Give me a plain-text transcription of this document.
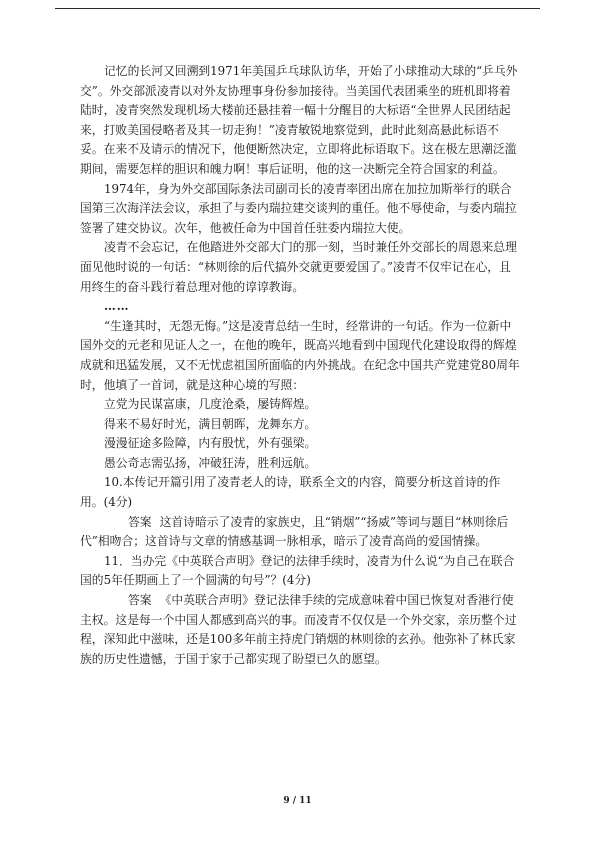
记忆的长河又回溯到1971年美国乒乓球队访华，开始了小球推动大球的“乒乓外交”。外交部派凌青以对外友协理事身份参加接待。当美国代表团乘坐的班机即将着陆时，凌青突然发现机场大楼前还悬挂着一幅十分醒目的大标语“全世界人民团结起来，打败美国侵略者及其一切走狗！”凌青敏锐地察觉到，此时此刻高悬此标语不妥。在来不及请示的情况下，他便断然决定，立即将此标语取下。这在极左思潮泛滥期间，需要怎样的胆识和魄力啊！事后证明，他的这一决断完全符合国家的利益。

1974年，身为外交部国际条法司副司长的凌青率团出席在加拉加斯举行的联合国第三次海洋法会议，承担了与委内瑞拉建交谈判的重任。他不辱使命，与委内瑞拉签署了建交协议。次年，他被任命为中国首任驻委内瑞拉大使。

凌青不会忘记，在他踏进外交部大门的那一刻，当时兼任外交部长的周恩来总理面见他时说的一句话：“林则徐的后代搞外交就更要爱国了。”凌青不仅牢记在心，且用终生的奋斗践行着总理对他的谆谆教诲。

……

“生逢其时，无怨无悔。”这是凌青总结一生时，经常讲的一句话。作为一位新中国外交的元老和见证人之一，在他的晚年，既高兴地看到中国现代化建设取得的辉煌成就和迅猛发展，又不无忧虑祖国所面临的内外挑战。在纪念中国共产党建党80周年时，他填了一首词，就是这种心境的写照：

立党为民谋富康，几度沧桑，屡铸辉煌。

得来不易好时光，满目朝晖，龙舞东方。

漫漫征途多险障，内有殷忧，外有强梁。

愚公奇志需弘扬，冲破狂涛，胜利远航。

10.本传记开篇引用了凌青老人的诗，联系全文的内容，简要分析这首诗的作用。(4分)

答案 这首诗暗示了凌青的家族史，且“销烟”“扬威”等词与题目“林则徐后代”相吻合；这首诗与文章的情感基调一脉相承，暗示了凌青高尚的爱国情操。

11．当办完《中英联合声明》登记的法律手续时，凌青为什么说“为自己在联合国的5年任期画上了一个圆满的句号”？(4分)

答案 《中英联合声明》登记法律手续的完成意味着中国已恢复对香港行使主权。这是每一个中国人都感到高兴的事。而凌青不仅仅是一个外交家，亲历整个过程，深知此中滋味，还是100多年前主持虎门销烟的林则徐的玄孙。他弥补了林氏家族的历史性遗憾，于国于家于己都实现了盼望已久的愿望。

9 / 11
